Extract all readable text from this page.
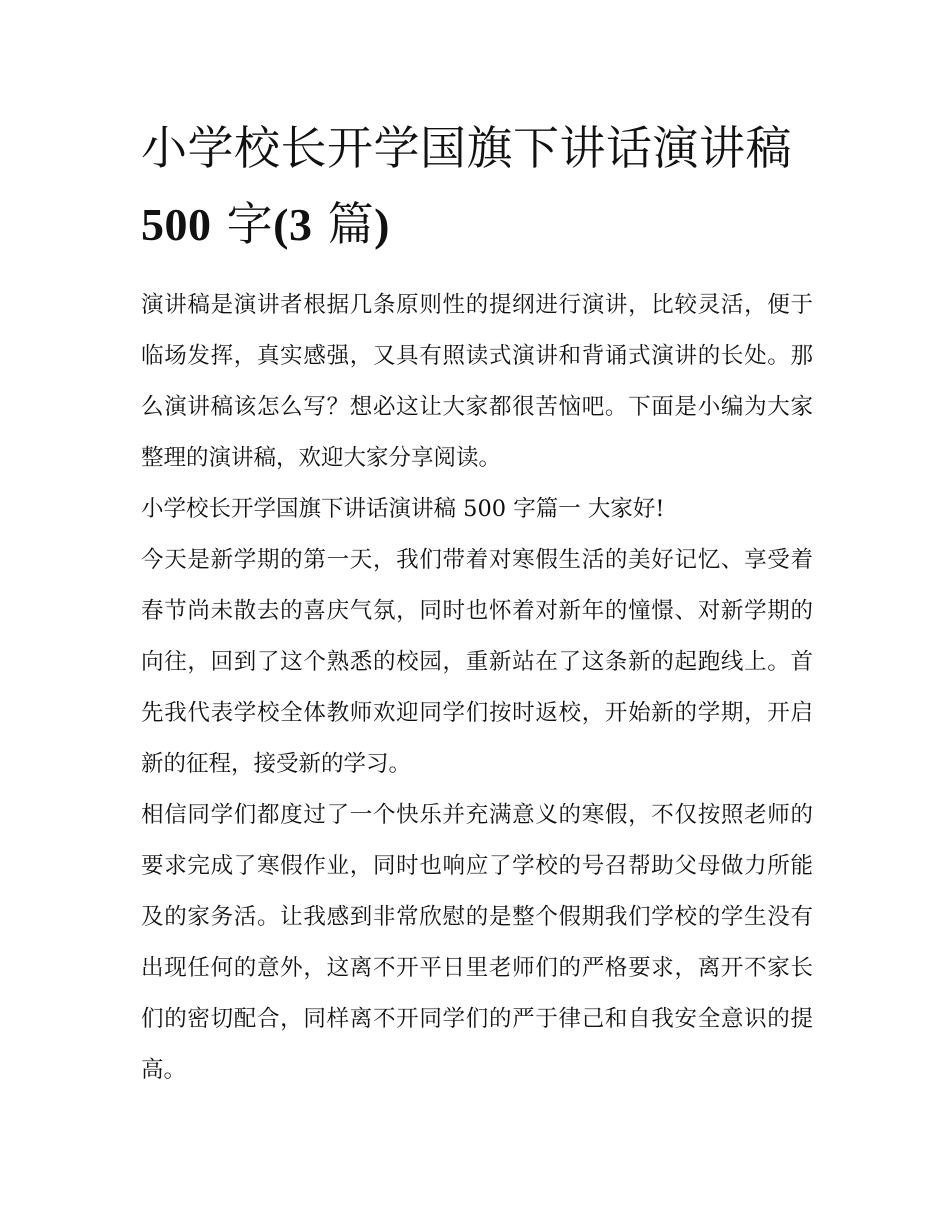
小学校长开学国旗下讲话演讲稿500 字(3 篇)

演讲稿是演讲者根据几条原则性的提纲进行演讲，比较灵活，便于临场发挥，真实感强，又具有照读式演讲和背诵式演讲的长处。那么演讲稿该怎么写？想必这让大家都很苦恼吧。下面是小编为大家整理的演讲稿，欢迎大家分享阅读。

小学校长开学国旗下讲话演讲稿 500 字篇一 大家好!

今天是新学期的第一天，我们带着对寒假生活的美好记忆、享受着春节尚未散去的喜庆气氛，同时也怀着对新年的憧憬、对新学期的向往，回到了这个熟悉的校园，重新站在了这条新的起跑线上。首先我代表学校全体教师欢迎同学们按时返校，开始新的学期，开启新的征程，接受新的学习。

相信同学们都度过了一个快乐并充满意义的寒假，不仅按照老师的要求完成了寒假作业，同时也响应了学校的号召帮助父母做力所能及的家务活。让我感到非常欣慰的是整个假期我们学校的学生没有出现任何的意外，这离不开平日里老师们的严格要求，离开不家长们的密切配合，同样离不开同学们的严于律己和自我安全意识的提高。
